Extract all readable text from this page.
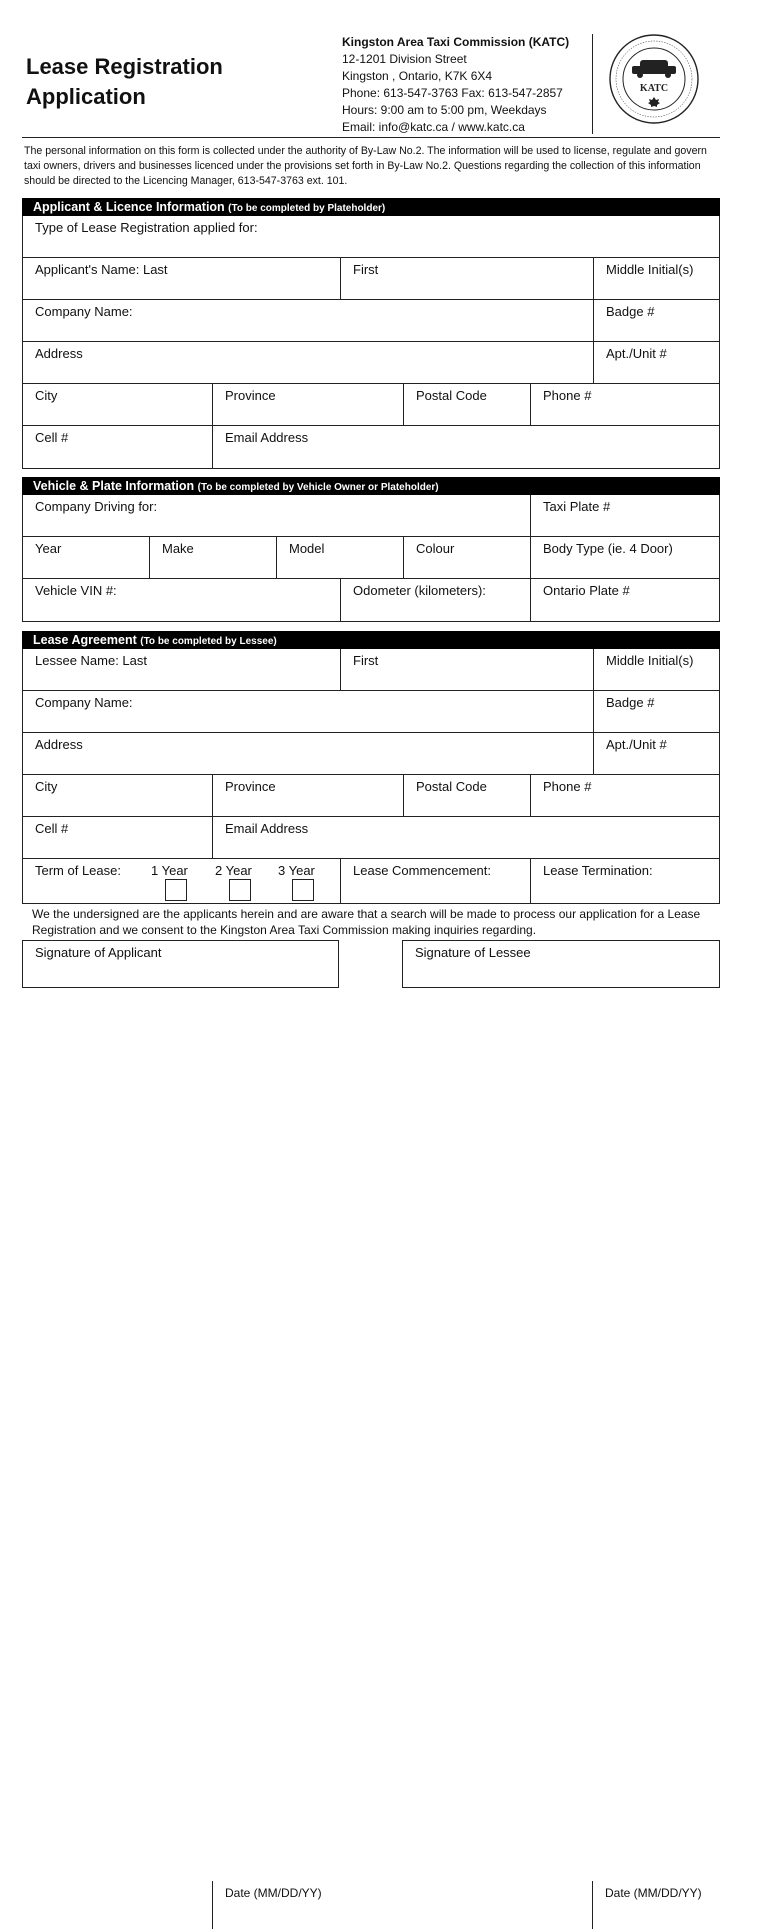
Lease Registration
Application
Kingston Area Taxi Commission (KATC)
12-1201 Division Street
Kingston , Ontario, K7K 6X4
Phone: 613-547-3763 Fax: 613-547-2857
Hours: 9:00 am to 5:00 pm, Weekdays
Email: info@katc.ca / www.katc.ca
KATC
The personal information on this form is collected under the authority of By-Law No.2. The information will be used to license, regulate and govern taxi owners, drivers and businesses licenced under the provisions set forth in By-Law No.2. Questions regarding the collection of this information should be directed to the Licencing Manager, 613-547-3763 ext. 101.
Applicant & Licence Information (To be completed by Plateholder)
Type of Lease Registration applied for:
Applicant's Name: Last	First	Middle Initial(s)
Company Name:	Badge #
Address	Apt./Unit #
City	Province	Postal Code	Phone #
Cell #	Email Address
Vehicle & Plate Information (To be completed by Vehicle Owner or Plateholder)
Company Driving for:	Taxi Plate #
Year	Make	Model	Colour	Body Type (ie. 4 Door)
Vehicle VIN #:	Odometer (kilometers):	Ontario Plate #
Lease Agreement (To be completed by Lessee)
Lessee Name: Last	First	Middle Initial(s)
Company Name:	Badge #
Address	Apt./Unit #
City	Province	Postal Code	Phone #
Cell #	Email Address
Term of Lease: 1 Year 2 Year 3 Year	Lease Commencement:	Lease Termination:
We the undersigned are the applicants herein and are aware that a search will be made to process our application for a Lease Registration and we consent to the Kingston Area Taxi Commission making inquiries regarding.
Signature of Applicant
Date (MM/DD/YY)
Signature of Lessee
Date (MM/DD/YY)
